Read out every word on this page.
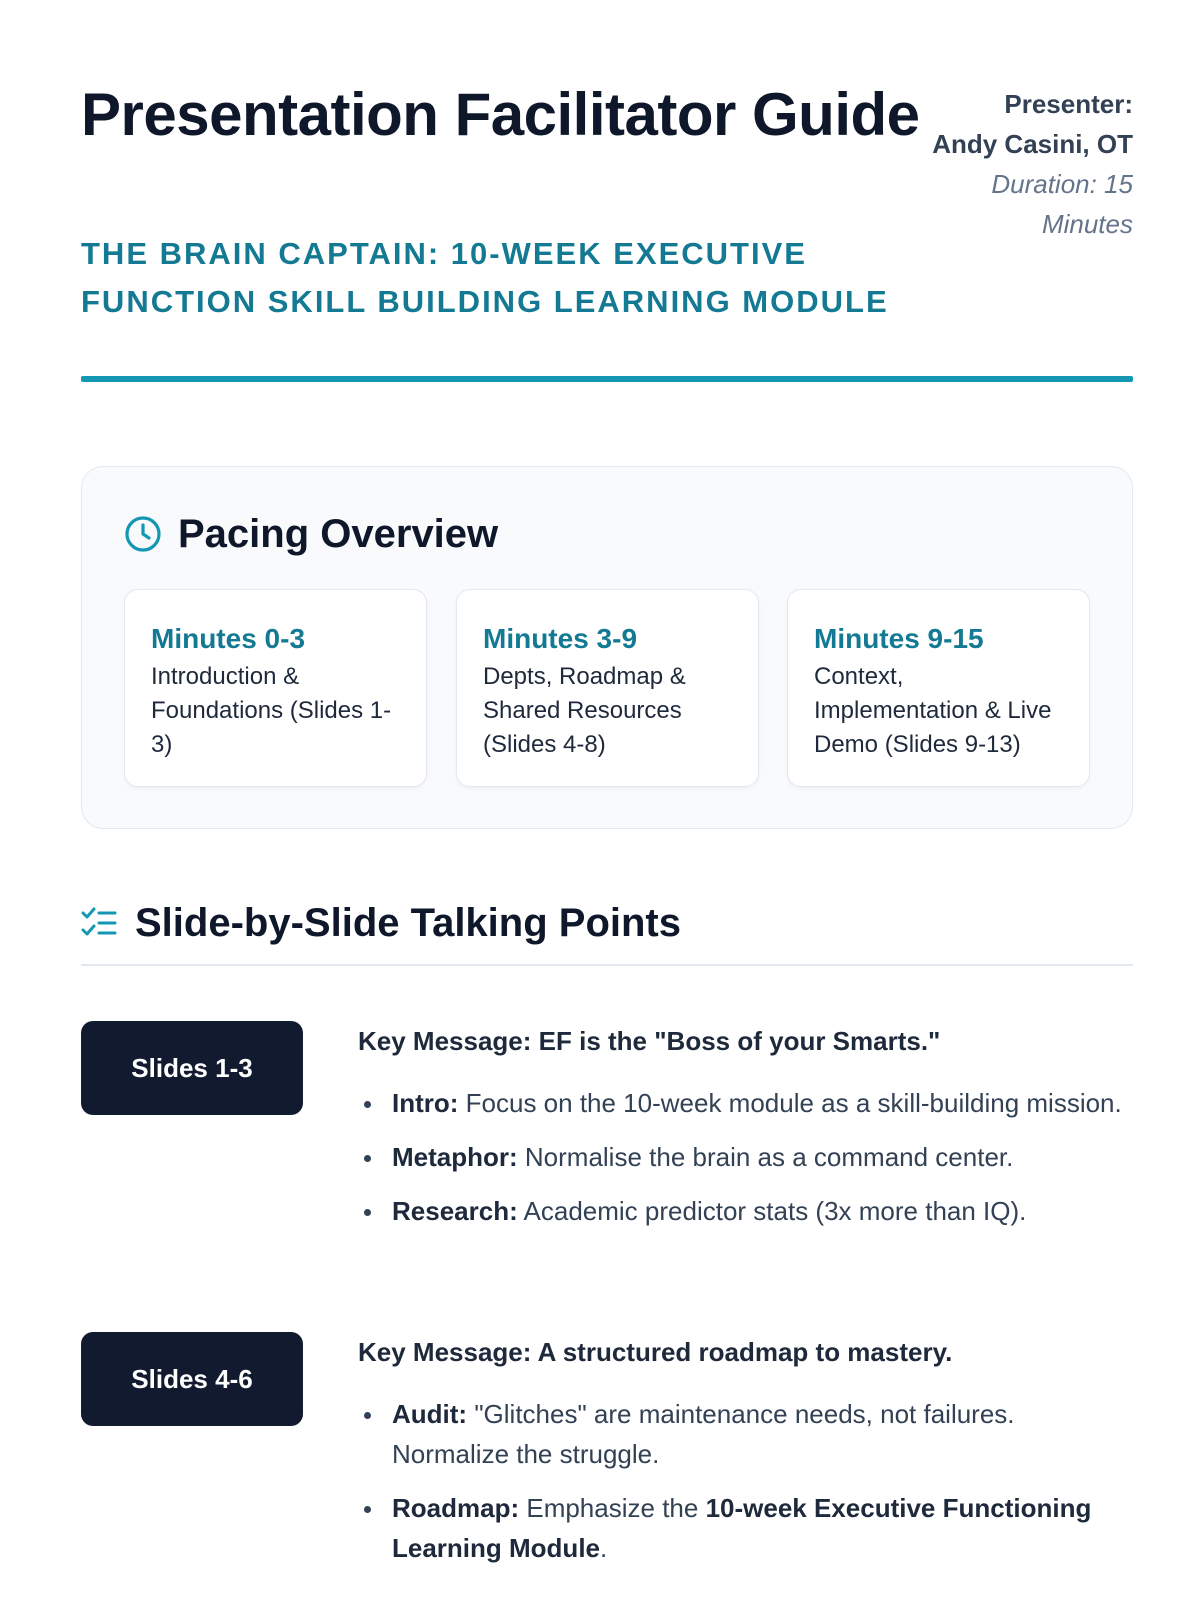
Presentation Facilitator Guide
THE BRAIN CAPTAIN: 10-WEEK EXECUTIVE FUNCTION SKILL BUILDING LEARNING MODULE
Presenter:
Andy Casini, OT
Duration: 15 Minutes
Pacing Overview
Minutes 0-3
Introduction & Foundations (Slides 1-3)
Minutes 3-9
Depts, Roadmap & Shared Resources (Slides 4-8)
Minutes 9-15
Context, Implementation & Live Demo (Slides 9-13)
Slide-by-Slide Talking Points
Slides 1-3
Key Message: EF is the "Boss of your Smarts."
Intro: Focus on the 10-week module as a skill-building mission.
Metaphor: Normalise the brain as a command center.
Research: Academic predictor stats (3x more than IQ).
Slides 4-6
Key Message: A structured roadmap to mastery.
Audit: "Glitches" are maintenance needs, not failures. Normalize the struggle.
Roadmap: Emphasize the 10-week Executive Functioning Learning Module.
